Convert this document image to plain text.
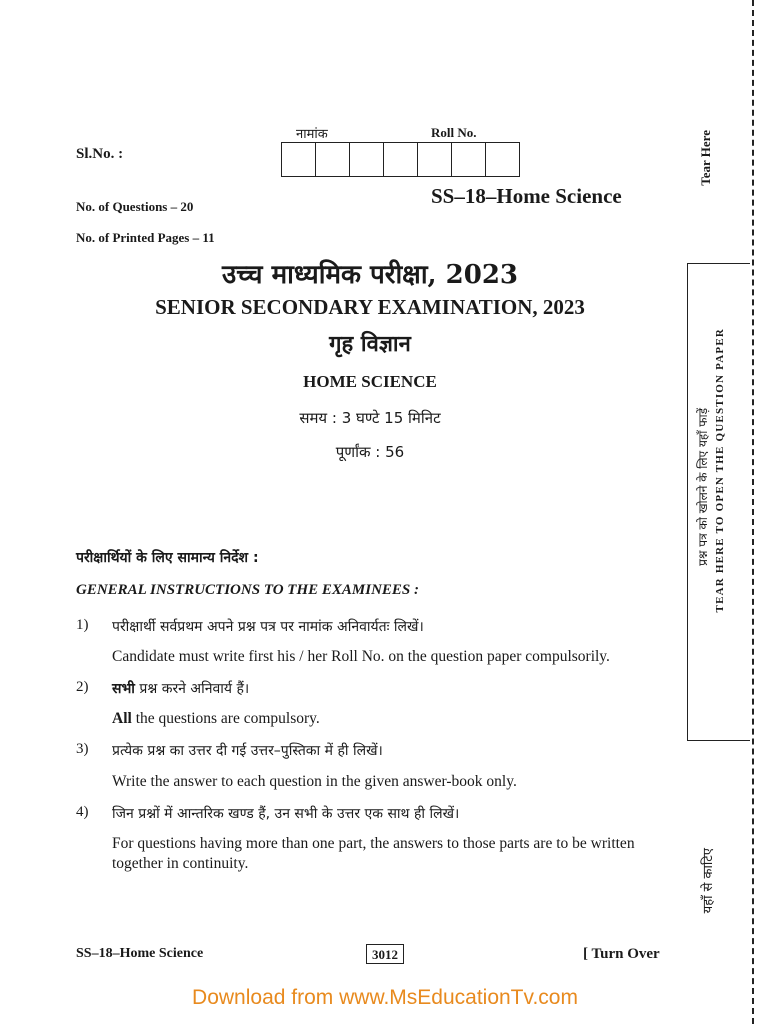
नामांक	Roll No.
Sl.No. :
SS–18–Home Science
No. of Questions – 20
No. of Printed Pages – 11
उच्च माध्यमिक परीक्षा, 2023
SENIOR SECONDARY EXAMINATION, 2023
गृह विज्ञान
HOME SCIENCE
समय : 3 घण्टे 15 मिनिट
पूर्णांक : 56
परीक्षार्थियों के लिए सामान्य निर्देश :
GENERAL INSTRUCTIONS TO THE EXAMINEES :
1) परीक्षार्थी सर्वप्रथम अपने प्रश्न पत्र पर नामांक अनिवार्यतः लिखें।
Candidate must write first his / her Roll No. on the question paper compulsorily.
2) सभी प्रश्न करने अनिवार्य हैं।
All the questions are compulsory.
3) प्रत्येक प्रश्न का उत्तर दी गई उत्तर–पुस्तिका में ही लिखें।
Write the answer to each question in the given answer-book only.
4) जिन प्रश्नों में आन्तरिक खण्ड हैं, उन सभी के उत्तर एक साथ ही लिखें।
For questions having more than one part, the answers to those parts are to be written together in continuity.
Tear Here
प्रश्न पत्र को खोलने के लिए यहाँ फाड़ें TEAR HERE TO OPEN THE QUESTION PAPER
यहाँ से काटिए
SS–18–Home Science	3012	[ Turn Over
Download from www.MsEducationTv.com
